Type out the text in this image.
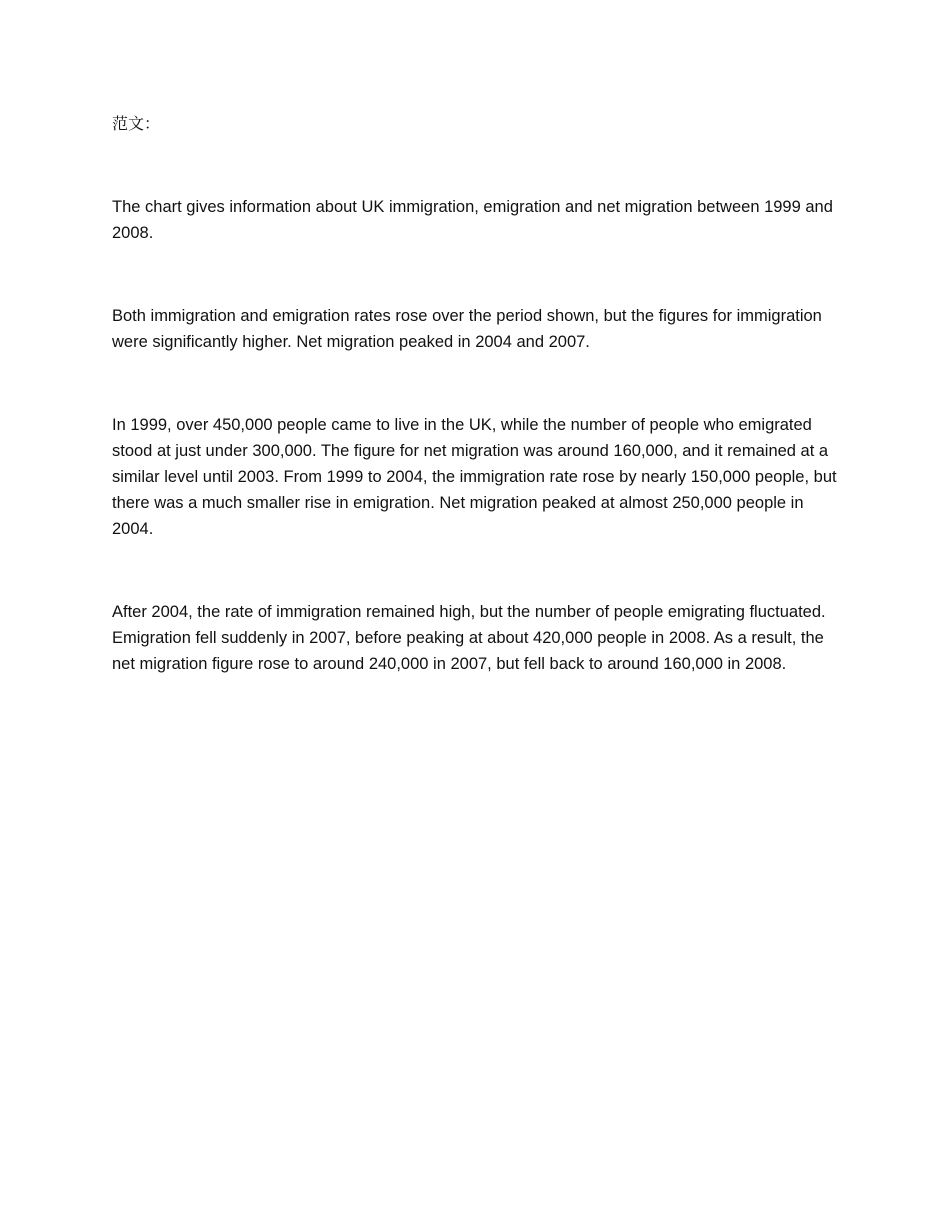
范文：

The chart gives information about UK immigration, emigration and net migration between 1999 and 2008.

Both immigration and emigration rates rose over the period shown, but the figures for immigration were significantly higher. Net migration peaked in 2004 and 2007.

In 1999, over 450,000 people came to live in the UK, while the number of people who emigrated stood at just under 300,000. The figure for net migration was around 160,000, and it remained at a similar level until 2003. From 1999 to 2004, the immigration rate rose by nearly 150,000 people, but there was a much smaller rise in emigration. Net migration peaked at almost 250,000 people in 2004.

After 2004, the rate of immigration remained high, but the number of people emigrating fluctuated. Emigration fell suddenly in 2007, before peaking at about 420,000 people in 2008. As a result, the net migration figure rose to around 240,000 in 2007, but fell back to around 160,000 in 2008.
